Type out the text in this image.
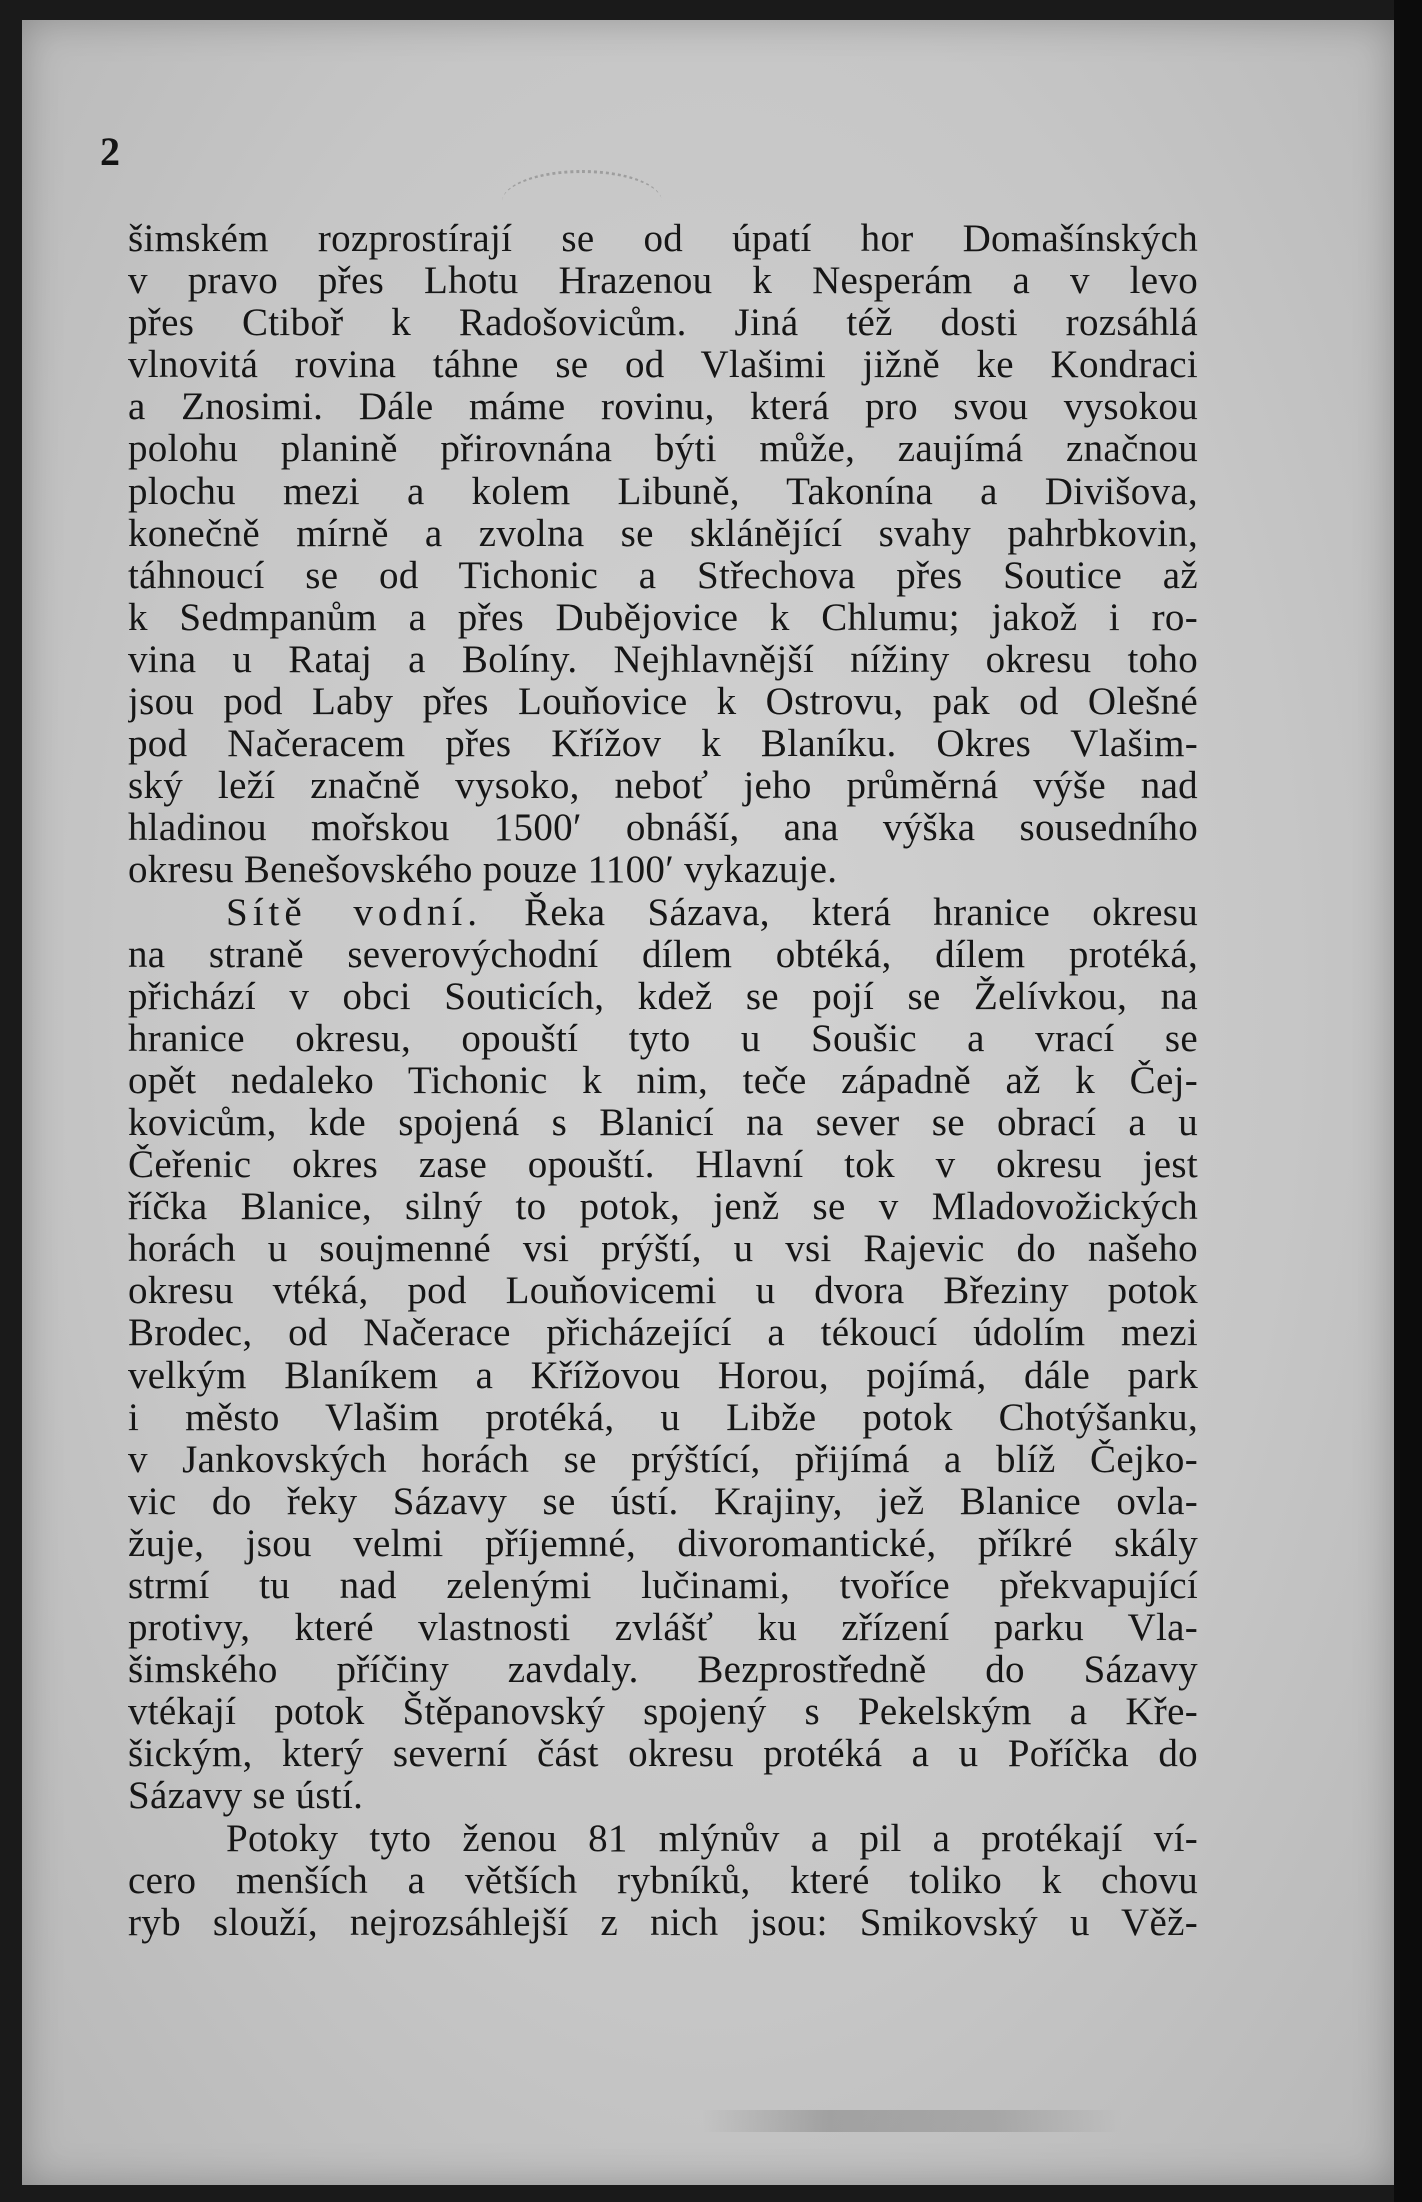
2
šimském rozprostírají se od úpatí hor Domašínských
v pravo přes Lhotu Hrazenou k Nesperám a v levo
přes Ctiboř k Radošovicům. Jiná též dosti rozsáhlá
vlnovitá rovina táhne se od Vlašimi jižně ke Kondraci
a Znosimi. Dále máme rovinu, která pro svou vysokou
polohu planině přirovnána býti může, zaujímá značnou
plochu mezi a kolem Libuně, Takonína a Divišova,
konečně mírně a zvolna se sklánějící svahy pahrbkovin,
táhnoucí se od Tichonic a Střechova přes Soutice až
k Sedmpanům a přes Dubějovice k Chlumu; jakož i ro-
vina u Rataj a Bolíny. Nejhlavnější nížiny okresu toho
jsou pod Laby přes Louňovice k Ostrovu, pak od Olešné
pod Načeracem přes Křížov k Blaníku. Okres Vlašim-
ský leží značně vysoko, neboť jeho průměrná výše nad
hladinou mořskou 1500′ obnáší, ana výška sousedního
okresu Benešovského pouze 1100′ vykazuje.
Sítě vodní. Řeka Sázava, která hranice okresu
na straně severovýchodní dílem obtéká, dílem protéká,
přichází v obci Souticích, kdež se pojí se Želívkou, na
hranice okresu, opouští tyto u Soušic a vrací se
opět nedaleko Tichonic k nim, teče západně až k Čej-
kovicům, kde spojená s Blanicí na sever se obrací a u
Čeřenic okres zase opouští. Hlavní tok v okresu jest
říčka Blanice, silný to potok, jenž se v Mladovožických
horách u soujmenné vsi prýští, u vsi Rajevic do našeho
okresu vtéká, pod Louňovicemi u dvora Březiny potok
Brodec, od Načerace přicházející a tékoucí údolím mezi
velkým Blaníkem a Křížovou Horou, pojímá, dále park
i město Vlašim protéká, u Libže potok Chotýšanku,
v Jankovských horách se prýštící, přijímá a blíž Čejko-
vic do řeky Sázavy se ústí. Krajiny, jež Blanice ovla-
žuje, jsou velmi příjemné, divoromantické, příkré skály
strmí tu nad zelenými lučinami, tvoříce překvapující
protivy, které vlastnosti zvlášť ku zřízení parku Vla-
šimského příčiny zavdaly. Bezprostředně do Sázavy
vtékají potok Štěpanovský spojený s Pekelským a Kře-
šickým, který severní část okresu protéká a u Poříčka do
Sázavy se ústí.
Potoky tyto ženou 81 mlýnův a pil a protékají ví-
cero menších a větších rybníků, které toliko k chovu
ryb slouží, nejrozsáhlejší z nich jsou: Smikovský u Věž-
